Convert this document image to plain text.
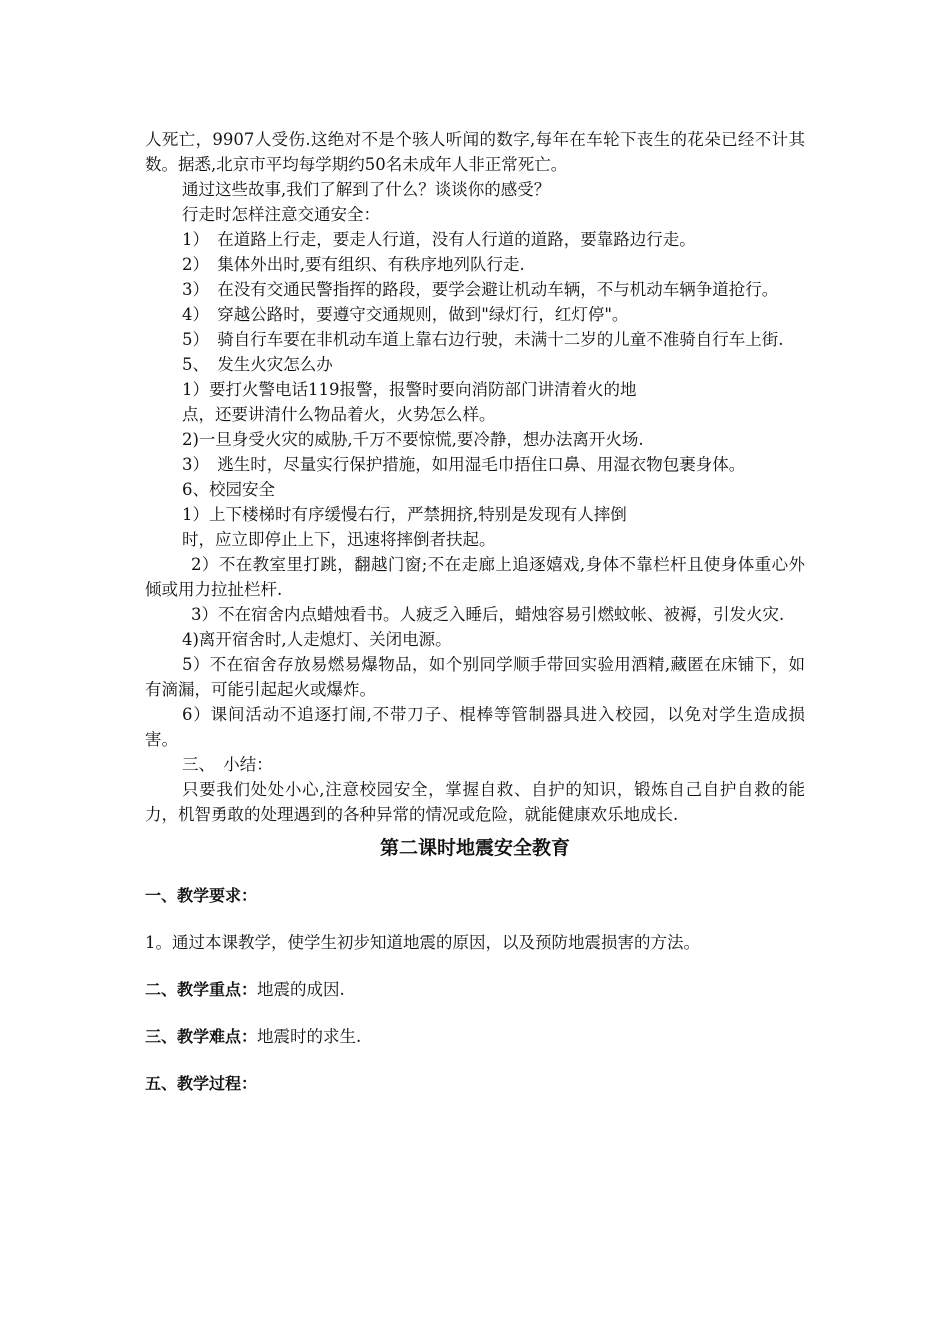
人死亡，9907人受伤.这绝对不是个骇人听闻的数字,每年在车轮下丧生的花朵已经不计其数。据悉,北京市平均每学期约50名未成年人非正常死亡。

通过这些故事,我们了解到了什么？谈谈你的感受？

行走时怎样注意交通安全：

1）　在道路上行走，要走人行道，没有人行道的道路，要靠路边行走。

2）　集体外出时,要有组织、有秩序地列队行走.

3）　在没有交通民警指挥的路段，要学会避让机动车辆，不与机动车辆争道抢行。

4）　穿越公路时，要遵守交通规则，做到"绿灯行，红灯停"。

5）　骑自行车要在非机动车道上靠右边行驶，未满十二岁的儿童不准骑自行车上街.

5、　发生火灾怎么办

1）要打火警电话119报警，报警时要向消防部门讲清着火的地

点，还要讲清什么物品着火，火势怎么样。

2)一旦身受火灾的威胁,千万不要惊慌,要冷静，想办法离开火场.

3）　逃生时，尽量实行保护措施，如用湿毛巾捂住口鼻、用湿衣物包裹身体。

6、校园安全

1）上下楼梯时有序缓慢右行，严禁拥挤,特别是发现有人摔倒

时，应立即停止上下，迅速将摔倒者扶起。

2）不在教室里打跳，翻越门窗;不在走廊上追逐嬉戏,身体不靠栏杆且使身体重心外倾或用力拉扯栏杆.

3）不在宿舍内点蜡烛看书。人疲乏入睡后，蜡烛容易引燃蚊帐、被褥，引发火灾.

4)离开宿舍时,人走熄灯、关闭电源。

5）不在宿舍存放易燃易爆物品，如个别同学顺手带回实验用酒精,藏匿在床铺下，如有滴漏，可能引起起火或爆炸。

6）课间活动不追逐打闹,不带刀子、棍棒等管制器具进入校园，以免对学生造成损害。

三、　小结：

只要我们处处小心,注意校园安全，掌握自救、自护的知识，锻炼自己自护自救的能力，机智勇敢的处理遇到的各种异常的情况或危险，就能健康欢乐地成长.

第二课时地震安全教育

一、教学要求：

1。通过本课教学，使学生初步知道地震的原因，以及预防地震损害的方法。

二、教学重点：地震的成因.

三、教学难点：地震时的求生.

五、教学过程：
